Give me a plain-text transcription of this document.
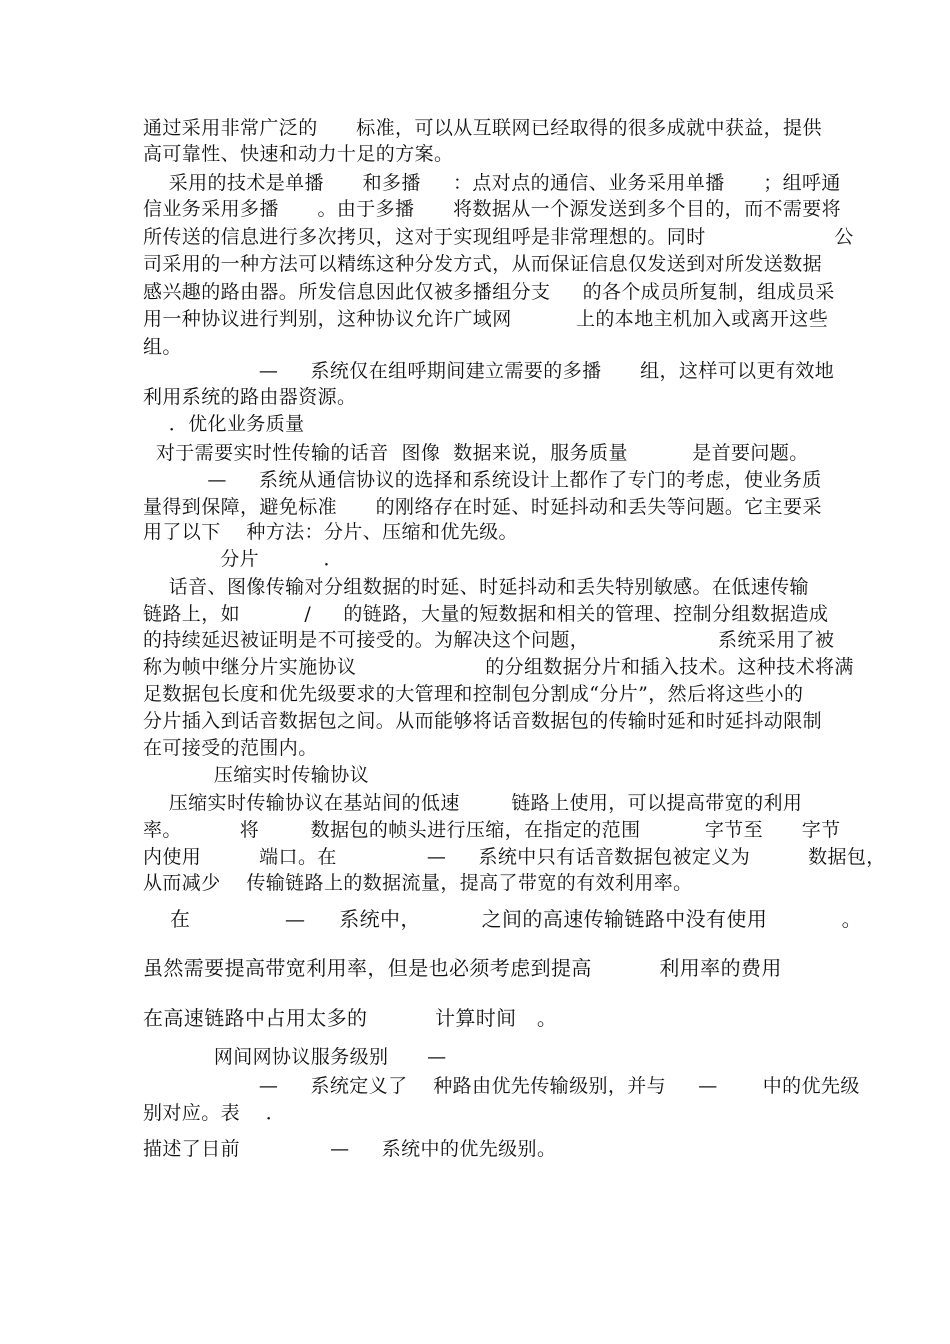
通过采用非常广泛的      标准，可以从互联网已经取得的很多成就中获益，提供
高可靠性、快速和动力十足的方案。
采用的技术是单播      和多播     ：点对点的通信、业务采用单播      ；组呼通
信业务采用多播      。由于多播      将数据从一个源发送到多个目的，而不需要将
所传送的信息进行多次拷贝，这对于实现组呼是非常理想的。同时                    公
司采用的一种方法可以精练这种分发方式，从而保证信息仅发送到对所发送数据
感兴趣的路由器。所发信息因此仅被多播组分支     的各个成员所复制，组成员采
用一种协议进行判别，这种协议允许广域网          上的本地主机加入或离开这些
组。
—     系统仅在组呼期间建立需要的多播      组，这样可以更有效地
利用系统的路由器资源。
．优化业务质量
对于需要实时性传输的话音  图像  数据来说，服务质量          是首要问题。
—     系统从通信协议的选择和系统设计上都作了专门的考虑，使业务质
量得到保障，避免标准      的刚络存在时延、时延抖动和丢失等问题。它主要采
用了以下    种方法：分片、压缩和优先级。
分片          ．
话音、图像传输对分组数据的时延、时延抖动和丢失特别敏感。在低速传输
链路上，如          /     的链路，大量的短数据和相关的管理、控制分组数据造成
的持续延迟被证明是不可接受的。为解决这个问题，                    系统采用了被
称为帧中继分片实施协议                    的分组数据分片和插入技术。这种技术将满
足数据包长度和优先级要求的大管理和控制包分割成“分片”，然后将这些小的
分片插入到话音数据包之间。从而能够将话音数据包的传输时延和时延抖动限制
在可接受的范围内。
压缩实时传输协议
压缩实时传输协议在基站间的低速        链路上使用，可以提高带宽的利用
率。         将        数据包的帧头进行压缩，在指定的范围          字节至      字节
内使用         端口。在              —     系统中只有话音数据包被定义为         数据包，
从而减少    传输链路上的数据流量，提高了带宽的有效利用率。
在              —     系统中，         之间的高速传输链路中没有使用           。
虽然需要提高带宽利用率，但是也必须考虑到提高          利用率的费用
在高速链路中占用太多的          计算时间   。
网间网协议服务级别      —
—     系统定义了    种路由优先传输级别，并与     —       中的优先级
别对应。表    ．
描述了日前              —     系统中的优先级别。
